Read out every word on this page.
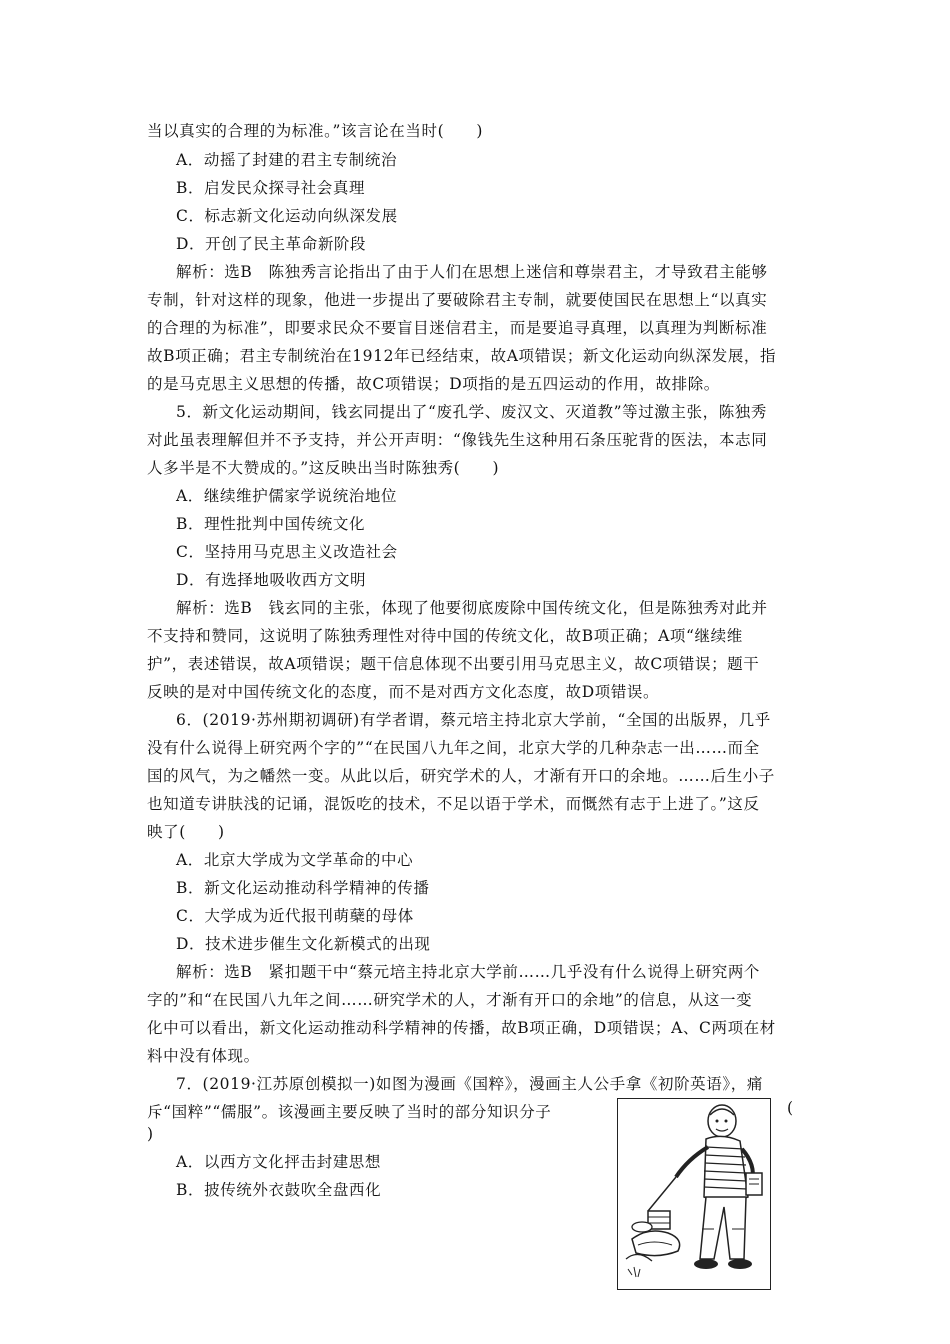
当以真实的合理的为标准。”该言论在当时(　　)
A．动摇了封建的君主专制统治
B．启发民众探寻社会真理
C．标志新文化运动向纵深发展
D．开创了民主革命新阶段
解析：选B　陈独秀言论指出了由于人们在思想上迷信和尊崇君主，才导致君主能够
专制，针对这样的现象，他进一步提出了要破除君主专制，就要使国民在思想上“以真实
的合理的为标准”，即要求民众不要盲目迷信君主，而是要追寻真理，以真理为判断标准
故B项正确；君主专制统治在1912年已经结束，故A项错误；新文化运动向纵深发展，指
的是马克思主义思想的传播，故C项错误；D项指的是五四运动的作用，故排除。
5．新文化运动期间，钱玄同提出了“废孔学、废汉文、灭道教”等过激主张，陈独秀
对此虽表理解但并不予支持，并公开声明：“像钱先生这种用石条压驼背的医法，本志同
人多半是不大赞成的。”这反映出当时陈独秀(　　)
A．继续维护儒家学说统治地位
B．理性批判中国传统文化
C．坚持用马克思主义改造社会
D．有选择地吸收西方文明
解析：选B　钱玄同的主张，体现了他要彻底废除中国传统文化，但是陈独秀对此并
不支持和赞同，这说明了陈独秀理性对待中国的传统文化，故B项正确；A项“继续维
护”，表述错误，故A项错误；题干信息体现不出要引用马克思主义，故C项错误；题干
反映的是对中国传统文化的态度，而不是对西方文化态度，故D项错误。
6．(2019·苏州期初调研)有学者谓，蔡元培主持北京大学前，“全国的出版界，几乎
没有什么说得上研究两个字的”“在民国八九年之间，北京大学的几种杂志一出……而全
国的风气，为之幡然一变。从此以后，研究学术的人，才渐有开口的余地。……后生小子
也知道专讲肤浅的记诵，混饭吃的技术，不足以语于学术，而慨然有志于上进了。”这反
映了(　　)
A．北京大学成为文学革命的中心
B．新文化运动推动科学精神的传播
C．大学成为近代报刊萌蘖的母体
D．技术进步催生文化新模式的出现
解析：选B　紧扣题干中“蔡元培主持北京大学前……几乎没有什么说得上研究两个
字的”和“在民国八九年之间……研究学术的人，才渐有开口的余地”的信息，从这一变
化中可以看出，新文化运动推动科学精神的传播，故B项正确，D项错误；A、C两项在材
料中没有体现。
7．(2019·江苏原创模拟一)如图为漫画《国粹》，漫画主人公手拿《初阶英语》，痛
斥“国粹”“儒服”。该漫画主要反映了当时的部分知识分子	(
)
A．以西方文化抨击封建思想
B．披传统外衣鼓吹全盘西化
